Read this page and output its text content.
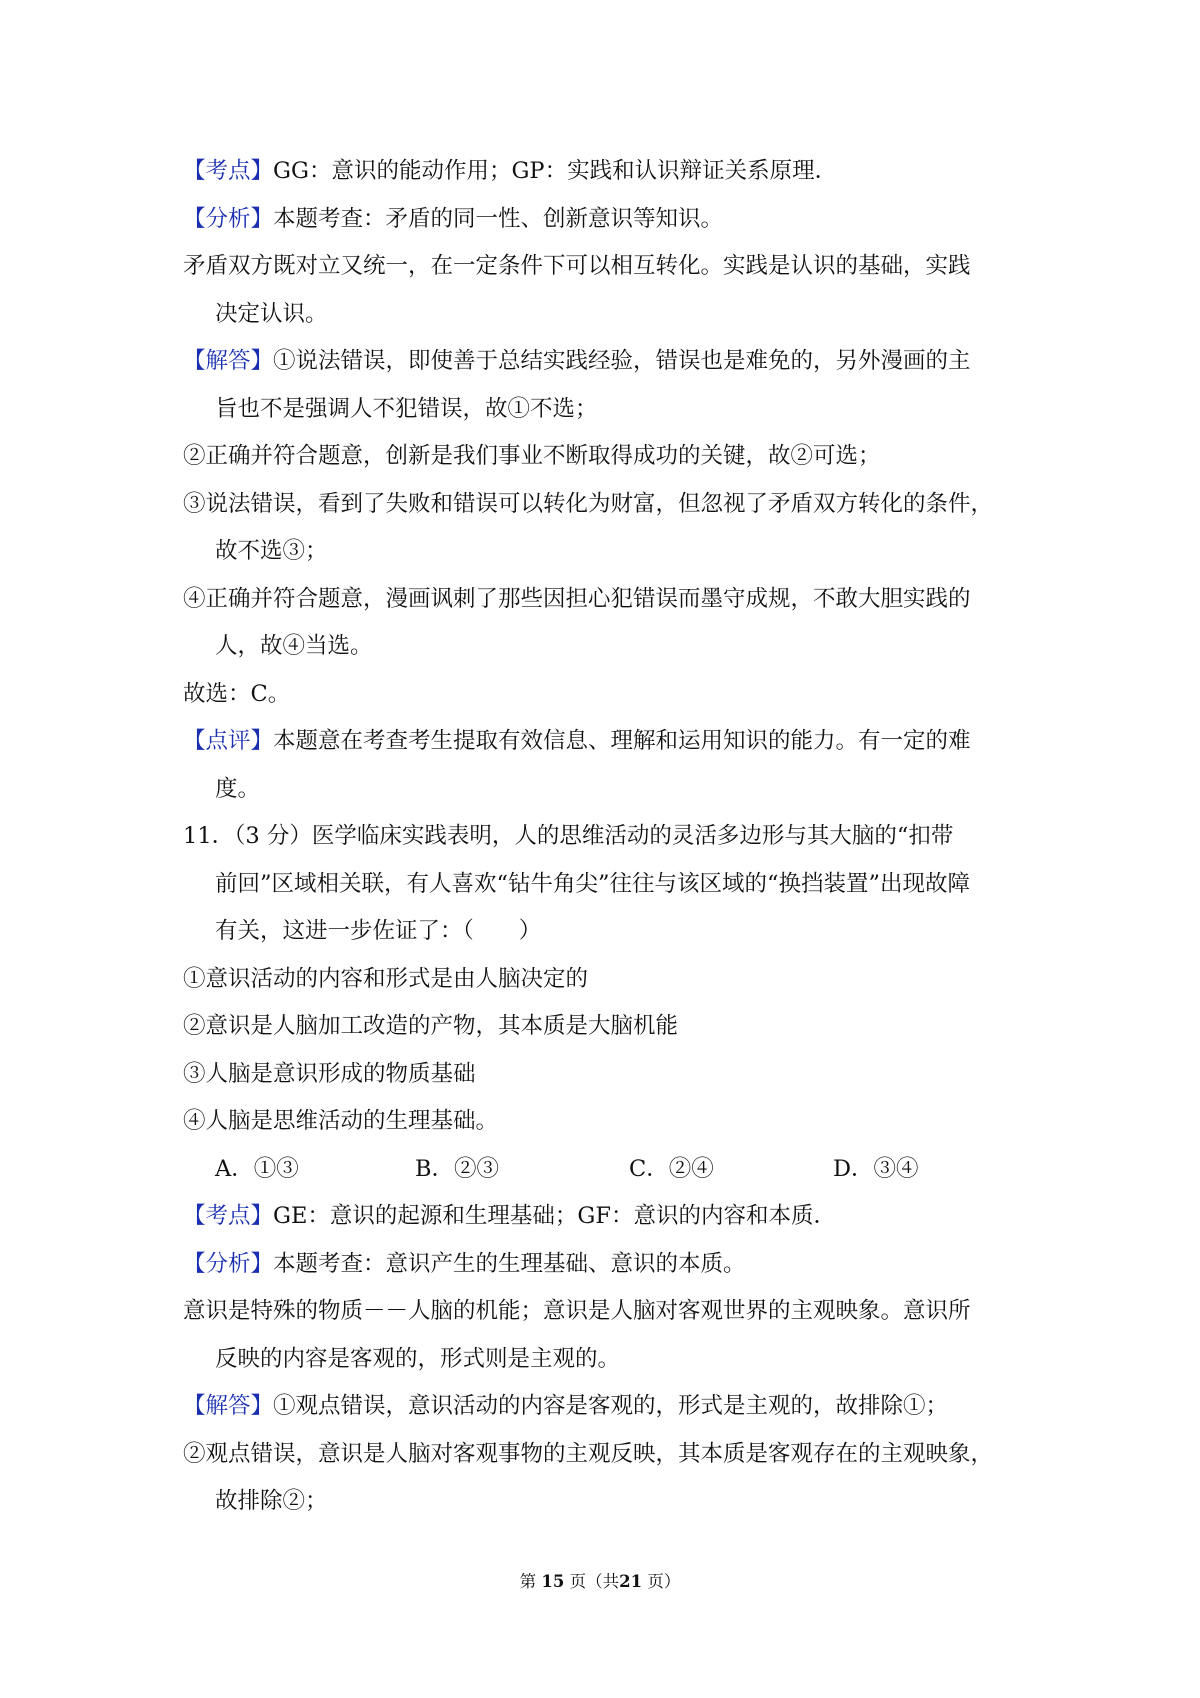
【考点】GG：意识的能动作用；GP：实践和认识辩证关系原理．
【分析】本题考查：矛盾的同一性、创新意识等知识。
矛盾双方既对立又统一，在一定条件下可以相互转化。实践是认识的基础，实践
决定认识。
【解答】①说法错误，即使善于总结实践经验，错误也是难免的，另外漫画的主
旨也不是强调人不犯错误，故①不选；
②正确并符合题意，创新是我们事业不断取得成功的关键，故②可选；
③说法错误，看到了失败和错误可以转化为财富，但忽视了矛盾双方转化的条件，
故不选③；
④正确并符合题意，漫画讽刺了那些因担心犯错误而墨守成规，不敢大胆实践的
人，故④当选。
故选：C。
【点评】本题意在考查考生提取有效信息、理解和运用知识的能力。有一定的难
度。
11．（3 分）医学临床实践表明，人的思维活动的灵活多边形与其大脑的“扣带
前回”区域相关联，有人喜欢“钻牛角尖”往往与该区域的“换挡装置”出现故障
有关，这进一步佐证了：（　　）
①意识活动的内容和形式是由人脑决定的
②意识是人脑加工改造的产物，其本质是大脑机能
③人脑是意识形成的物质基础
④人脑是思维活动的生理基础。
A．①③	B．②③	C．②④	D．③④
【考点】GE：意识的起源和生理基础；GF：意识的内容和本质．
【分析】本题考查：意识产生的生理基础、意识的本质。
意识是特殊的物质－－人脑的机能；意识是人脑对客观世界的主观映象。意识所
反映的内容是客观的，形式则是主观的。
【解答】①观点错误，意识活动的内容是客观的，形式是主观的，故排除①；
②观点错误，意识是人脑对客观事物的主观反映，其本质是客观存在的主观映象，
故排除②；
第 15 页（共21 页）
